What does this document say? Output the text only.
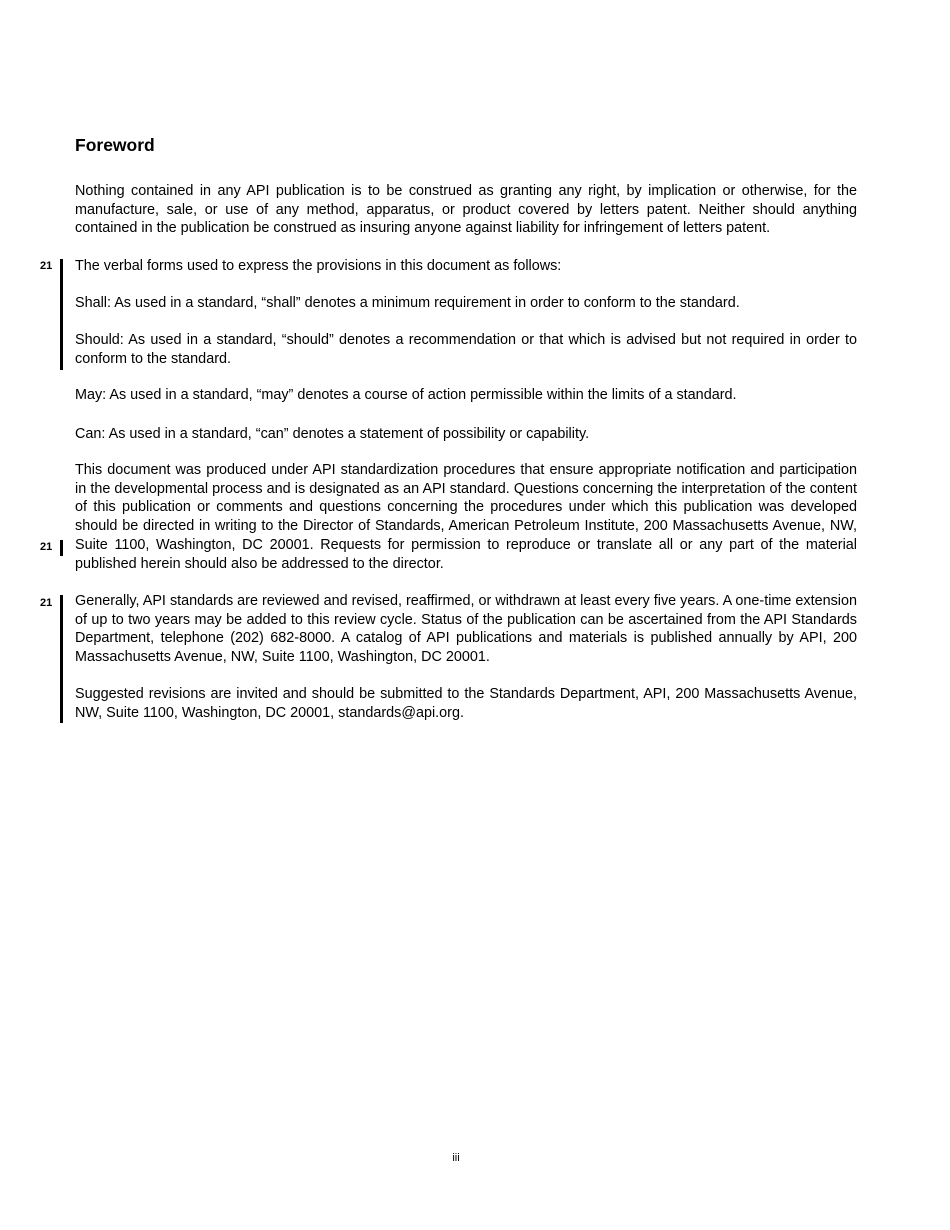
Foreword

Nothing contained in any API publication is to be construed as granting any right, by implication or otherwise, for the manufacture, sale, or use of any method, apparatus, or product covered by letters patent. Neither should anything contained in the publication be construed as insuring anyone against liability for infringement of letters patent.

21 The verbal forms used to express the provisions in this document as follows:

Shall: As used in a standard, “shall” denotes a minimum requirement in order to conform to the standard.

Should: As used in a standard, “should” denotes a recommendation or that which is advised but not required in order to conform to the standard.

May: As used in a standard, “may” denotes a course of action permissible within the limits of a standard.

Can: As used in a standard, “can” denotes a statement of possibility or capability.

This document was produced under API standardization procedures that ensure appropriate notification and participation in the developmental process and is designated as an API standard. Questions concerning the interpretation of the content of this publication or comments and questions concerning the procedures under which this publication was developed should be directed in writing to the Director of Standards, American Petroleum Institute, 200 Massachusetts Avenue, NW, Suite 1100, Washington, DC 20001. Requests for permission to reproduce or translate all or any part of the material published herein should also be addressed to the director.

21
21 Generally, API standards are reviewed and revised, reaffirmed, or withdrawn at least every five years. A one-time extension of up to two years may be added to this review cycle. Status of the publication can be ascertained from the API Standards Department, telephone (202) 682-8000. A catalog of API publications and materials is published annually by API, 200 Massachusetts Avenue, NW, Suite 1100, Washington, DC 20001.

Suggested revisions are invited and should be submitted to the Standards Department, API, 200 Massachusetts Avenue, NW, Suite 1100, Washington, DC 20001, standards@api.org.

iii
